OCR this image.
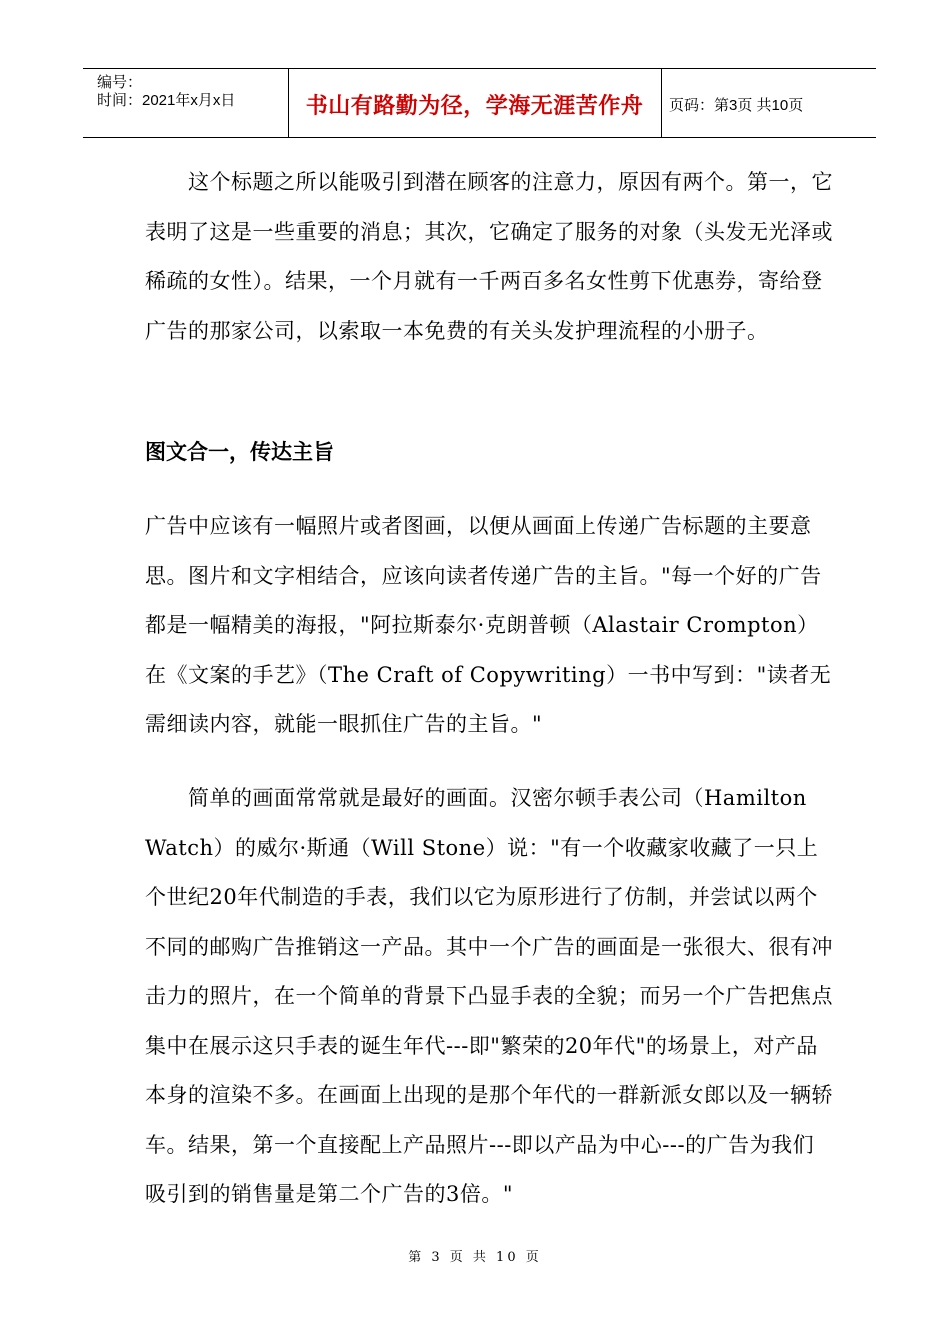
编号：
时间：2021年x月x日	书山有路勤为径，学海无涯苦作舟	页码：第3页 共10页
这个标题之所以能吸引到潜在顾客的注意力，原因有两个。第一，它表明了这是一些重要的消息；其次，它确定了服务的对象（头发无光泽或稀疏的女性）。结果，一个月就有一千两百多名女性剪下优惠券，寄给登广告的那家公司，以索取一本免费的有关头发护理流程的小册子。
图文合一，传达主旨
广告中应该有一幅照片或者图画，以便从画面上传递广告标题的主要意思。图片和文字相结合，应该向读者传递广告的主旨。"每一个好的广告都是一幅精美的海报，"阿拉斯泰尔·克朗普顿（Alastair Crompton）在《文案的手艺》（The Craft of Copywriting）一书中写到："读者无需细读内容，就能一眼抓住广告的主旨。"
简单的画面常常就是最好的画面。汉密尔顿手表公司（Hamilton Watch）的威尔·斯通（Will Stone）说："有一个收藏家收藏了一只上个世纪20年代制造的手表，我们以它为原形进行了仿制，并尝试以两个不同的邮购广告推销这一产品。其中一个广告的画面是一张很大、很有冲击力的照片，在一个简单的背景下凸显手表的全貌；而另一个广告把焦点集中在展示这只手表的诞生年代---即"繁荣的20年代"的场景上，对产品本身的渲染不多。在画面上出现的是那个年代的一群新派女郎以及一辆轿车。结果，第一个直接配上产品照片---即以产品为中心---的广告为我们吸引到的销售量是第二个广告的3倍。"
第 3 页 共 10 页
